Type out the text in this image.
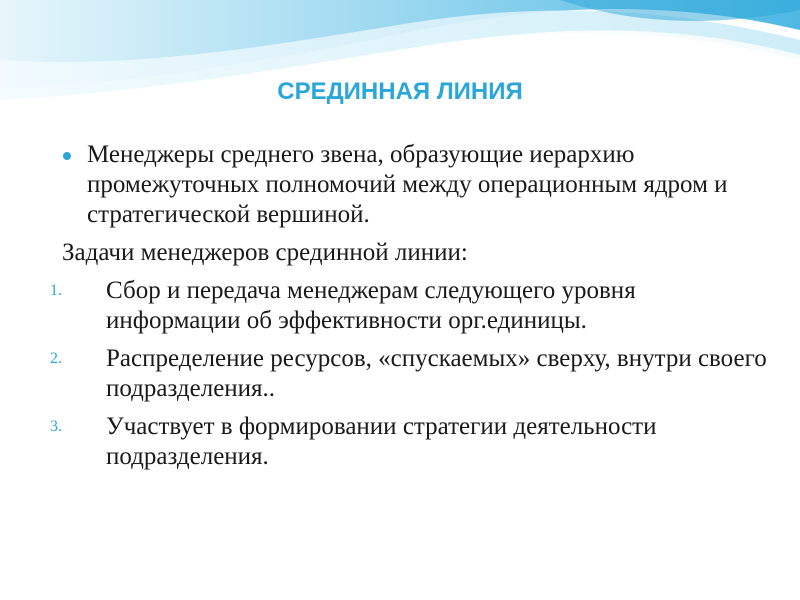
СРЕДИННАЯ ЛИНИЯ
Менеджеры среднего звена, образующие иерархию промежуточных полномочий между операционным ядром и стратегической вершиной.
Задачи менеджеров срединной линии:
1.	Сбор и передача менеджерам следующего уровня информации об эффективности орг.единицы.
2.	Распределение ресурсов, «спускаемых» сверху, внутри своего подразделения..
3.	Участвует в формировании стратегии деятельности подразделения.
